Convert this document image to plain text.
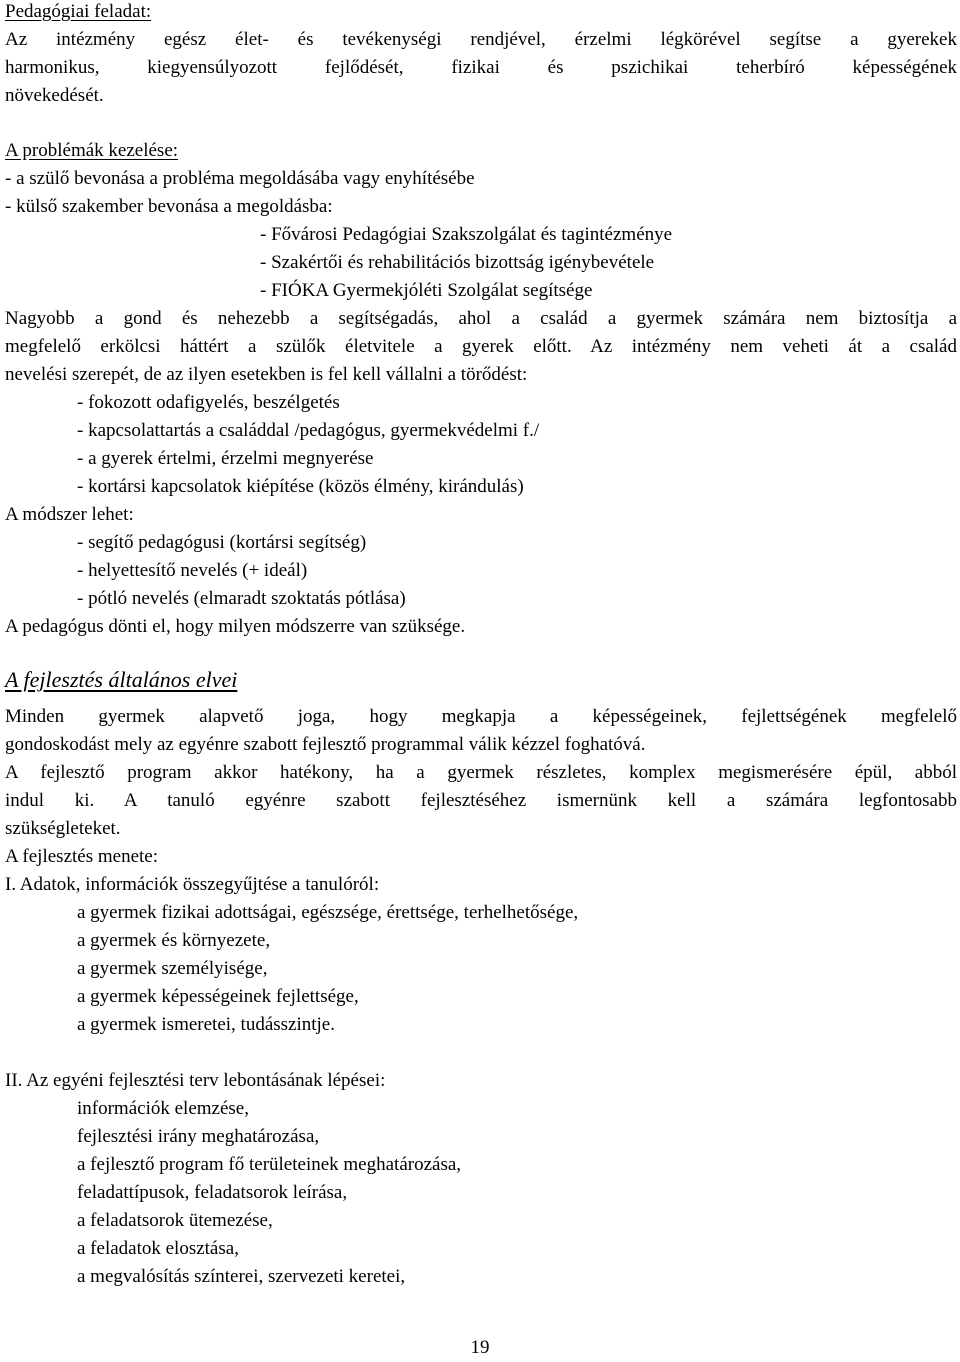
Pedagógiai feladat:
Az intézmény egész élet- és tevékenységi rendjével, érzelmi légkörével segítse a gyerekek
harmonikus, kiegyensúlyozott fejlődését, fizikai és pszichikai teherbíró képességének
növekedését.
A problémák kezelése:
- a szülő bevonása a probléma megoldásába vagy enyhítésébe
- külső szakember bevonása a megoldásba:
- Fővárosi Pedagógiai Szakszolgálat és tagintézménye
- Szakértői és rehabilitációs bizottság igénybevétele
- FIÓKA Gyermekjóléti Szolgálat segítsége
Nagyobb a gond és nehezebb a segítségadás, ahol a család a gyermek számára nem biztosítja a
megfelelő erkölcsi háttért a szülők életvitele a gyerek előtt. Az intézmény nem veheti át a család
nevelési szerepét, de az ilyen esetekben is fel kell vállalni a törődést:
- fokozott odafigyelés, beszélgetés
- kapcsolattartás a családdal /pedagógus, gyermekvédelmi f./
- a gyerek értelmi, érzelmi megnyerése
- kortársi kapcsolatok kiépítése (közös élmény, kirándulás)
A módszer lehet:
- segítő pedagógusi (kortársi segítség)
- helyettesítő nevelés (+ ideál)
- pótló nevelés (elmaradt szoktatás pótlása)
A pedagógus dönti el, hogy milyen módszerre van szüksége.
A fejlesztés általános elvei
Minden gyermek alapvető joga, hogy megkapja a képességeinek, fejlettségének megfelelő
gondoskodást mely az egyénre szabott fejlesztő programmal válik kézzel foghatóvá.
A fejlesztő program akkor hatékony, ha a gyermek részletes, komplex megismerésére épül, abból
indul ki. A tanuló egyénre szabott fejlesztéséhez ismernünk kell a számára legfontosabb
szükségleteket.
A fejlesztés menete:
I. Adatok, információk összegyűjtése a tanulóról:
a gyermek fizikai adottságai, egészsége, érettsége, terhelhetősége,
a gyermek és környezete,
a gyermek személyisége,
a gyermek képességeinek fejlettsége,
a gyermek ismeretei, tudásszintje.
II. Az egyéni fejlesztési terv lebontásának lépései:
információk elemzése,
fejlesztési irány meghatározása,
a fejlesztő program fő területeinek meghatározása,
feladattípusok, feladatsorok leírása,
a feladatsorok ütemezése,
a feladatok elosztása,
a megvalósítás színterei, szervezeti keretei,
19
